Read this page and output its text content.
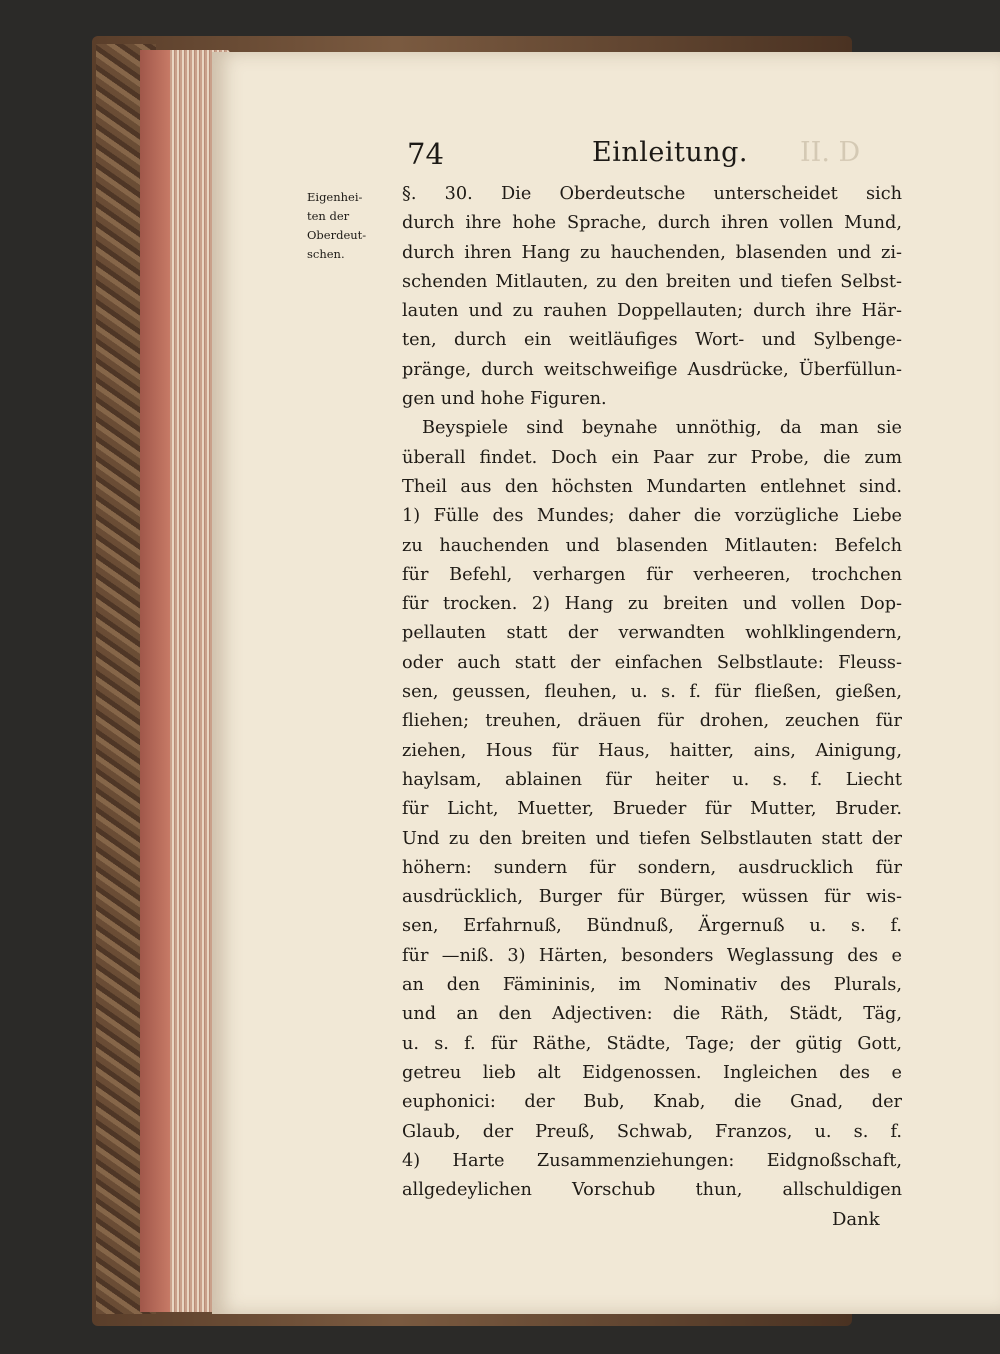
74	Einleitung. II. D
Eigenhei-
ten der
Oberdeut-
schen.
§. 30. Die Oberdeutsche unterscheidet sich
durch ihre hohe Sprache, durch ihren vollen Mund,
durch ihren Hang zu hauchenden, blasenden und zi-
schenden Mitlauten, zu den breiten und tiefen Selbst-
lauten und zu rauhen Doppellauten; durch ihre Här-
ten, durch ein weitläufiges Wort- und Sylbenge-
pränge, durch weitschweifige Ausdrücke, Überfüllun-
gen und hohe Figuren.
Beyspiele sind beynahe unnöthig, da man sie
überall findet. Doch ein Paar zur Probe, die zum
Theil aus den höchsten Mundarten entlehnet sind.
1) Fülle des Mundes; daher die vorzügliche Liebe
zu hauchenden und blasenden Mitlauten: Befelch
für Befehl, verhargen für verheeren, trochchen
für trocken. 2) Hang zu breiten und vollen Dop-
pellauten statt der verwandten wohlklingendern,
oder auch statt der einfachen Selbstlaute: Fleuss-
sen, geussen, fleuhen, u. s. f. für fließen, gießen,
fliehen; treuhen, dräuen für drohen, zeuchen für
ziehen, Hous für Haus, haitter, ains, Ainigung,
haylsam, ablainen für heiter u. s. f. Liecht
für Licht, Muetter, Brueder für Mutter, Bruder.
Und zu den breiten und tiefen Selbstlauten statt der
höhern: sundern für sondern, ausdrucklich für
ausdrücklich, Burger für Bürger, wüssen für wis-
sen, Erfahrnuß, Bündnuß, Ärgernuß u. s. f.
für —niß. 3) Härten, besonders Weglassung des e
an den Fämininis, im Nominativ des Plurals,
und an den Adjectiven: die Räth, Städt, Täg,
u. s. f. für Räthe, Städte, Tage; der gütig Gott,
getreu lieb alt Eidgenossen. Ingleichen des e
euphonici: der Bub, Knab, die Gnad, der
Glaub, der Preuß, Schwab, Franzos, u. s. f.
4) Harte Zusammenziehungen: Eidgnoßschaft,
allgedeylichen Vorschub thun, allschuldigen
Dank
